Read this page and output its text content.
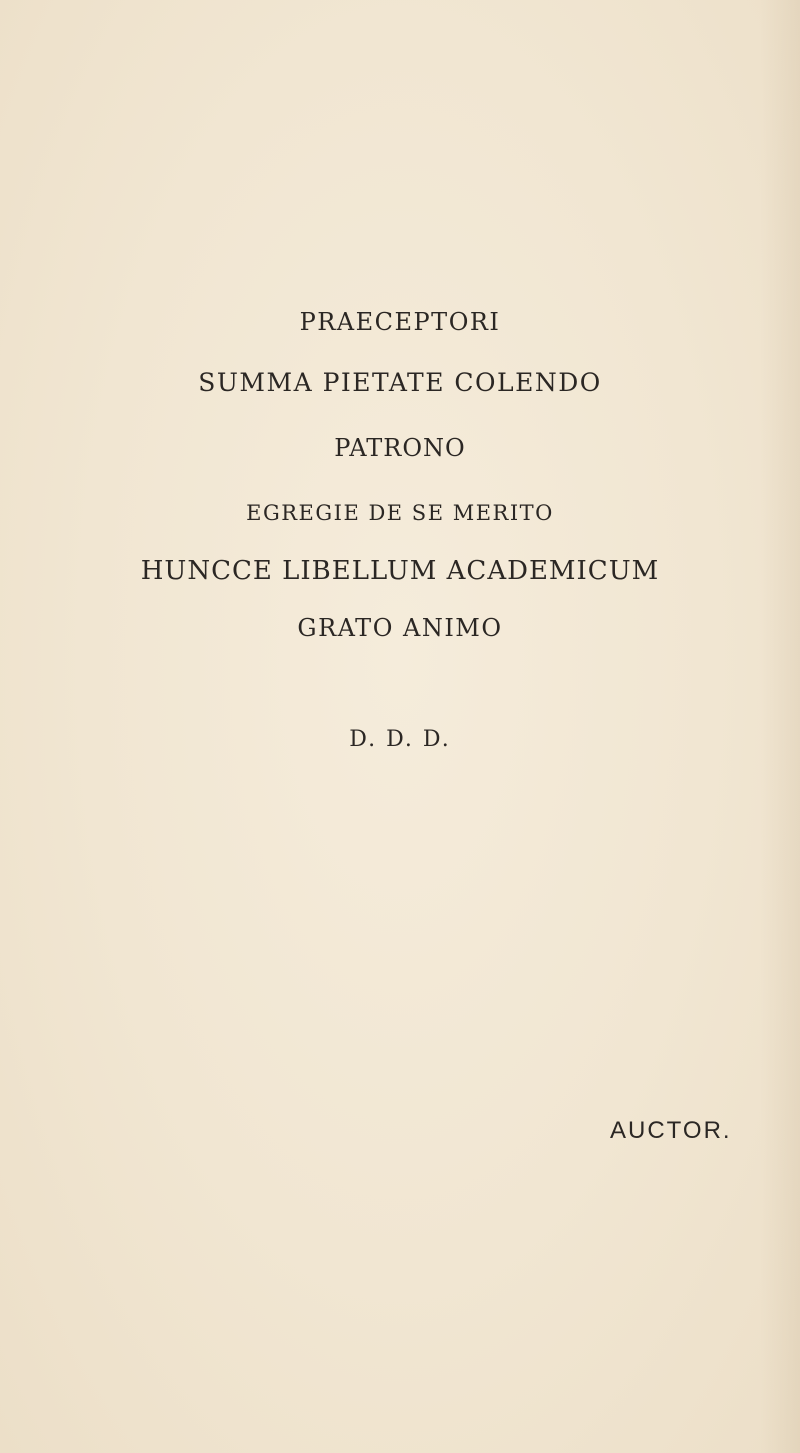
PRAECEPTORI
SUMMA PIETATE COLENDO
PATRONO
EGREGIE DE SE MERITO
HUNCCE LIBELLUM ACADEMICUM
GRATO ANIMO
D. D. D.
AUCTOR.
